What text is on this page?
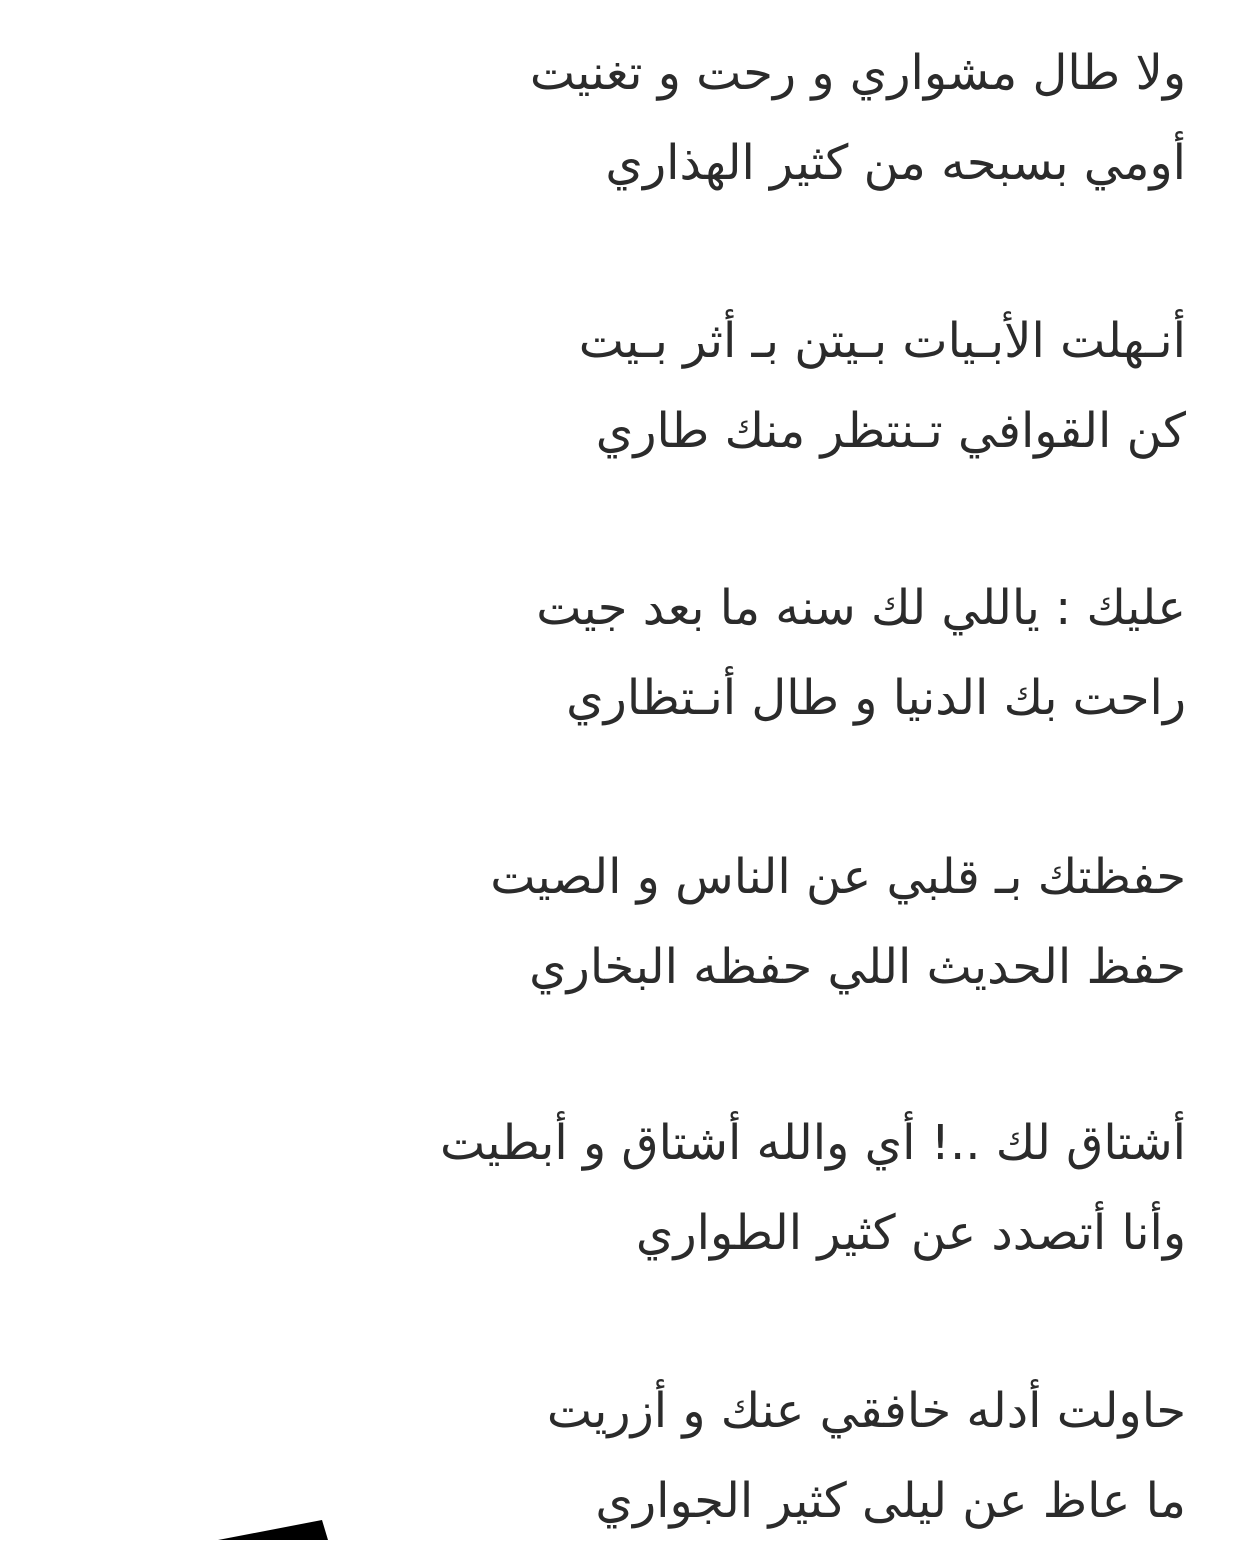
ولا طال مشواري و رحت و تغنيت
أومي بسبحه من كثير الهذاري
أنـهلت الأبـيات بـيتن بـ أثر بـيت
كن القوافي تـنتظر منك طاري
عليك : ياللي لك سنه ما بعد جيت
راحت بك الدنيا و طال أنـتظاري
حفظتك بـ قلبي عن الناس و الصيت
حفظ الحديث اللي حفظه البخاري
أشتاق لك ..! أي والله أشتاق و أبطيت
وأنا أتصدد عن كثير الطواري
حاولت أدله خافقي عنك و أزريت
ما عاظ عن ليلى كثير الجواري
